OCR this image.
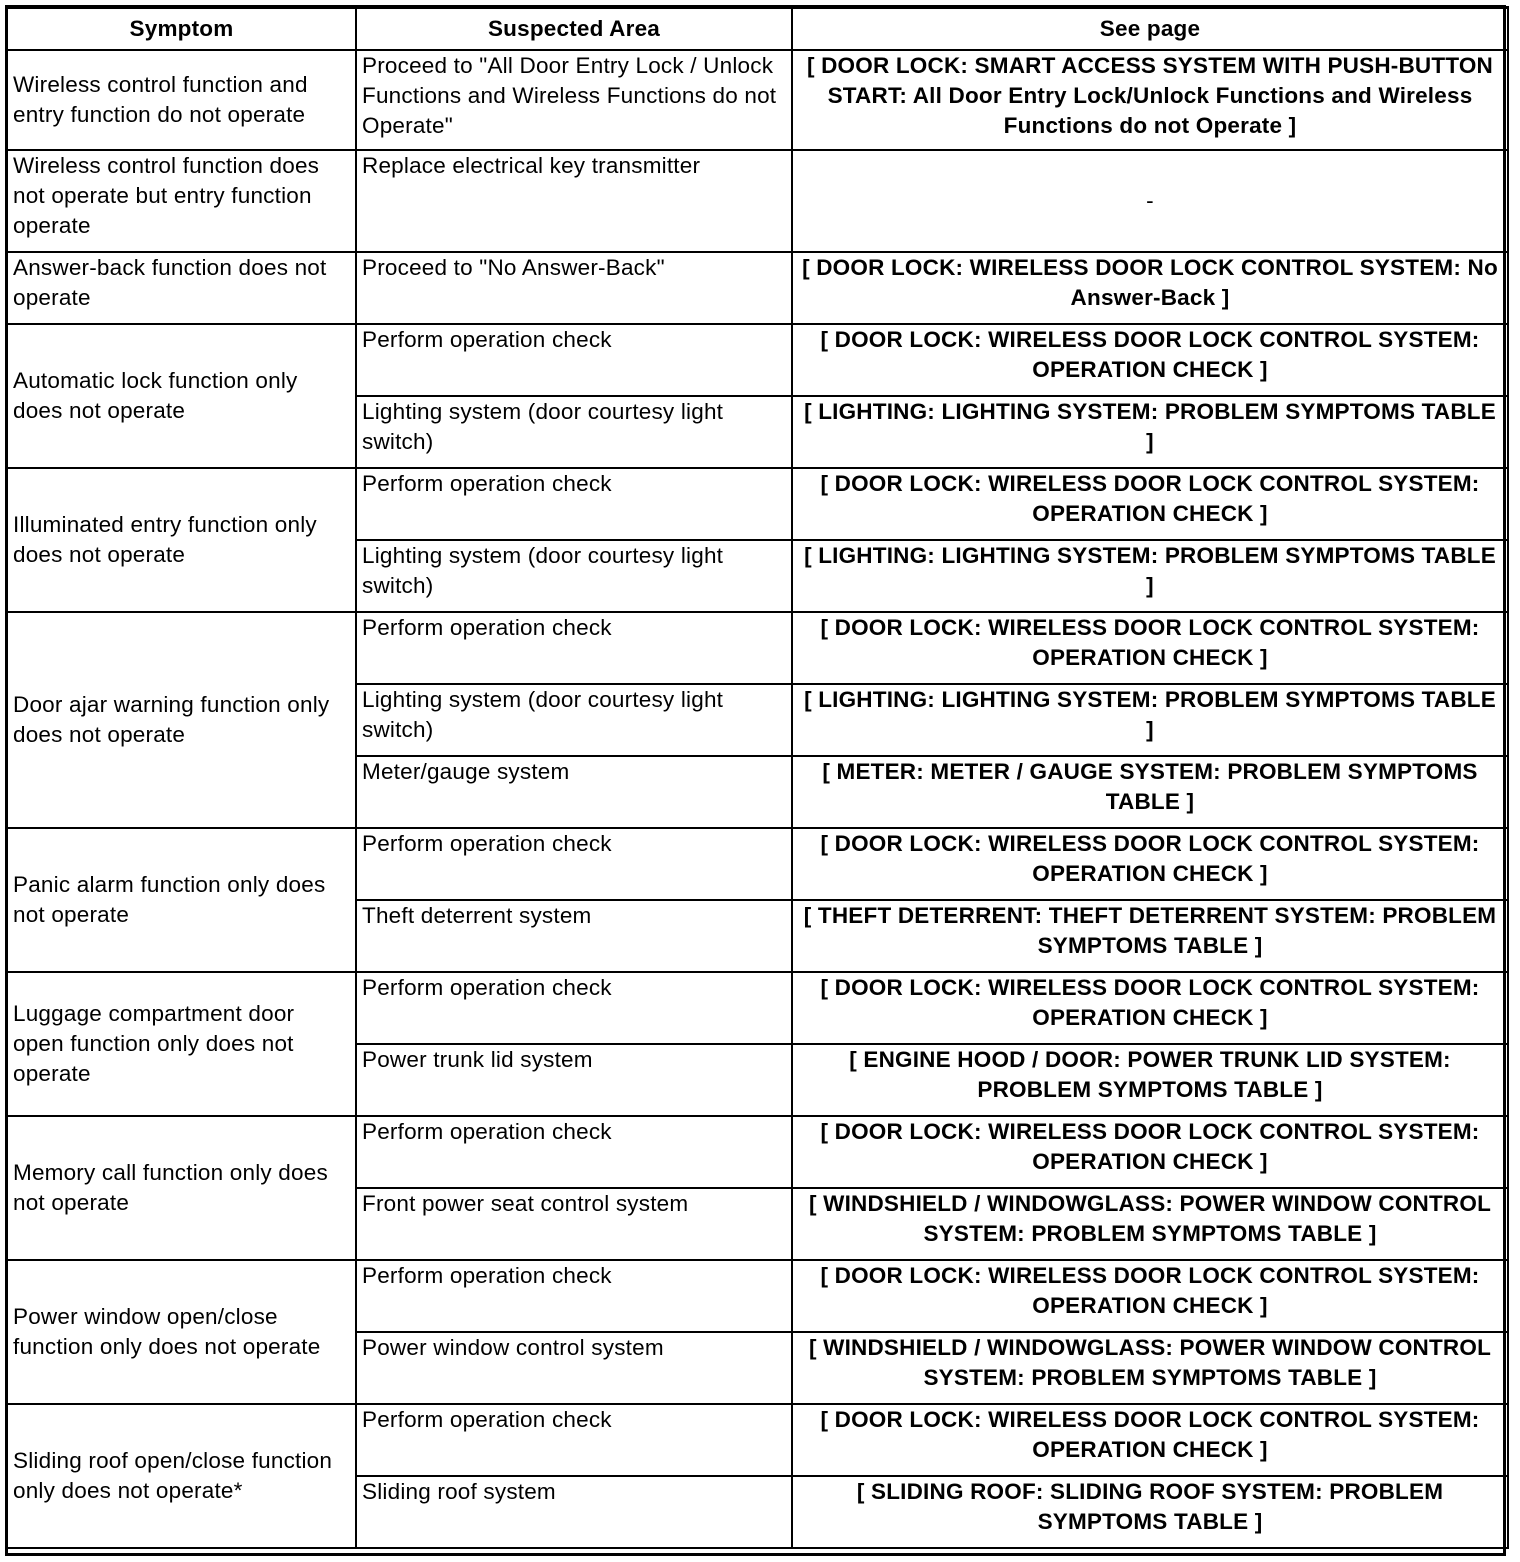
Symptom	Suspected Area	See page
Wireless control function and entry function do not operate	Proceed to "All Door Entry Lock / Unlock Functions and Wireless Functions do not Operate"	[ DOOR LOCK: SMART ACCESS SYSTEM WITH PUSH-BUTTON START: All Door Entry Lock/Unlock Functions and Wireless Functions do not Operate ]
Wireless control function does not operate but entry function operate	Replace electrical key transmitter	-
Answer-back function does not operate	Proceed to "No Answer-Back"	[ DOOR LOCK: WIRELESS DOOR LOCK CONTROL SYSTEM: No Answer-Back ]
Automatic lock function only does not operate	Perform operation check	[ DOOR LOCK: WIRELESS DOOR LOCK CONTROL SYSTEM: OPERATION CHECK ]
	Lighting system (door courtesy light switch)	[ LIGHTING: LIGHTING SYSTEM: PROBLEM SYMPTOMS TABLE ]
Illuminated entry function only does not operate	Perform operation check	[ DOOR LOCK: WIRELESS DOOR LOCK CONTROL SYSTEM: OPERATION CHECK ]
	Lighting system (door courtesy light switch)	[ LIGHTING: LIGHTING SYSTEM: PROBLEM SYMPTOMS TABLE ]
Door ajar warning function only does not operate	Perform operation check	[ DOOR LOCK: WIRELESS DOOR LOCK CONTROL SYSTEM: OPERATION CHECK ]
	Lighting system (door courtesy light switch)	[ LIGHTING: LIGHTING SYSTEM: PROBLEM SYMPTOMS TABLE ]
	Meter/gauge system	[ METER: METER / GAUGE SYSTEM: PROBLEM SYMPTOMS TABLE ]
Panic alarm function only does not operate	Perform operation check	[ DOOR LOCK: WIRELESS DOOR LOCK CONTROL SYSTEM: OPERATION CHECK ]
	Theft deterrent system	[ THEFT DETERRENT: THEFT DETERRENT SYSTEM: PROBLEM SYMPTOMS TABLE ]
Luggage compartment door open function only does not operate	Perform operation check	[ DOOR LOCK: WIRELESS DOOR LOCK CONTROL SYSTEM: OPERATION CHECK ]
	Power trunk lid system	[ ENGINE HOOD / DOOR: POWER TRUNK LID SYSTEM: PROBLEM SYMPTOMS TABLE ]
Memory call function only does not operate	Perform operation check	[ DOOR LOCK: WIRELESS DOOR LOCK CONTROL SYSTEM: OPERATION CHECK ]
	Front power seat control system	[ WINDSHIELD / WINDOWGLASS: POWER WINDOW CONTROL SYSTEM: PROBLEM SYMPTOMS TABLE ]
Power window open/close function only does not operate	Perform operation check	[ DOOR LOCK: WIRELESS DOOR LOCK CONTROL SYSTEM: OPERATION CHECK ]
	Power window control system	[ WINDSHIELD / WINDOWGLASS: POWER WINDOW CONTROL SYSTEM: PROBLEM SYMPTOMS TABLE ]
Sliding roof open/close function only does not operate*	Perform operation check	[ DOOR LOCK: WIRELESS DOOR LOCK CONTROL SYSTEM: OPERATION CHECK ]
	Sliding roof system	[ SLIDING ROOF: SLIDING ROOF SYSTEM: PROBLEM SYMPTOMS TABLE ]
